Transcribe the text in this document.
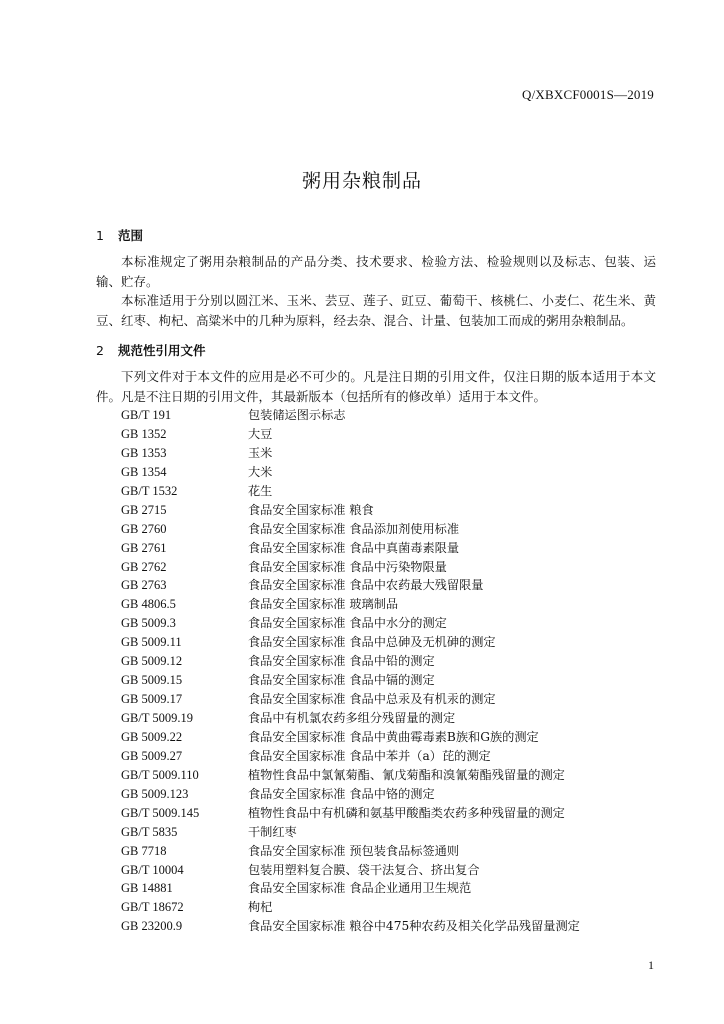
Q/XBXCF0001S—2019
粥用杂粮制品
1 范围
本标准规定了粥用杂粮制品的产品分类、技术要求、检验方法、检验规则以及标志、包装、运输、贮存。
本标准适用于分别以圆江米、玉米、芸豆、莲子、豇豆、葡萄干、核桃仁、小麦仁、花生米、黄豆、红枣、枸杞、高粱米中的几种为原料，经去杂、混合、计量、包装加工而成的粥用杂粮制品。
2 规范性引用文件
下列文件对于本文件的应用是必不可少的。凡是注日期的引用文件，仅注日期的版本适用于本文件。凡是不注日期的引用文件，其最新版本（包括所有的修改单）适用于本文件。
GB/T 191	包装储运图示标志
GB 1352	大豆
GB 1353	玉米
GB 1354	大米
GB/T 1532	花生
GB 2715	食品安全国家标准 粮食
GB 2760	食品安全国家标准 食品添加剂使用标准
GB 2761	食品安全国家标准 食品中真菌毒素限量
GB 2762	食品安全国家标准 食品中污染物限量
GB 2763	食品安全国家标准 食品中农药最大残留限量
GB 4806.5	食品安全国家标准 玻璃制品
GB 5009.3	食品安全国家标准 食品中水分的测定
GB 5009.11	食品安全国家标准 食品中总砷及无机砷的测定
GB 5009.12	食品安全国家标准 食品中铅的测定
GB 5009.15	食品安全国家标准 食品中镉的测定
GB 5009.17	食品安全国家标准 食品中总汞及有机汞的测定
GB/T 5009.19	食品中有机氯农药多组分残留量的测定
GB 5009.22	食品安全国家标准 食品中黄曲霉毒素B族和G族的测定
GB 5009.27	食品安全国家标准 食品中苯并（a）芘的测定
GB/T 5009.110	植物性食品中氯氰菊酯、氰戊菊酯和溴氰菊酯残留量的测定
GB 5009.123	食品安全国家标准 食品中铬的测定
GB/T 5009.145	植物性食品中有机磷和氨基甲酸酯类农药多种残留量的测定
GB/T 5835	干制红枣
GB 7718	食品安全国家标准 预包装食品标签通则
GB/T 10004	包装用塑料复合膜、袋干法复合、挤出复合
GB 14881	食品安全国家标准 食品企业通用卫生规范
GB/T 18672	枸杞
GB 23200.9	食品安全国家标准 粮谷中475种农药及相关化学品残留量测定
1
